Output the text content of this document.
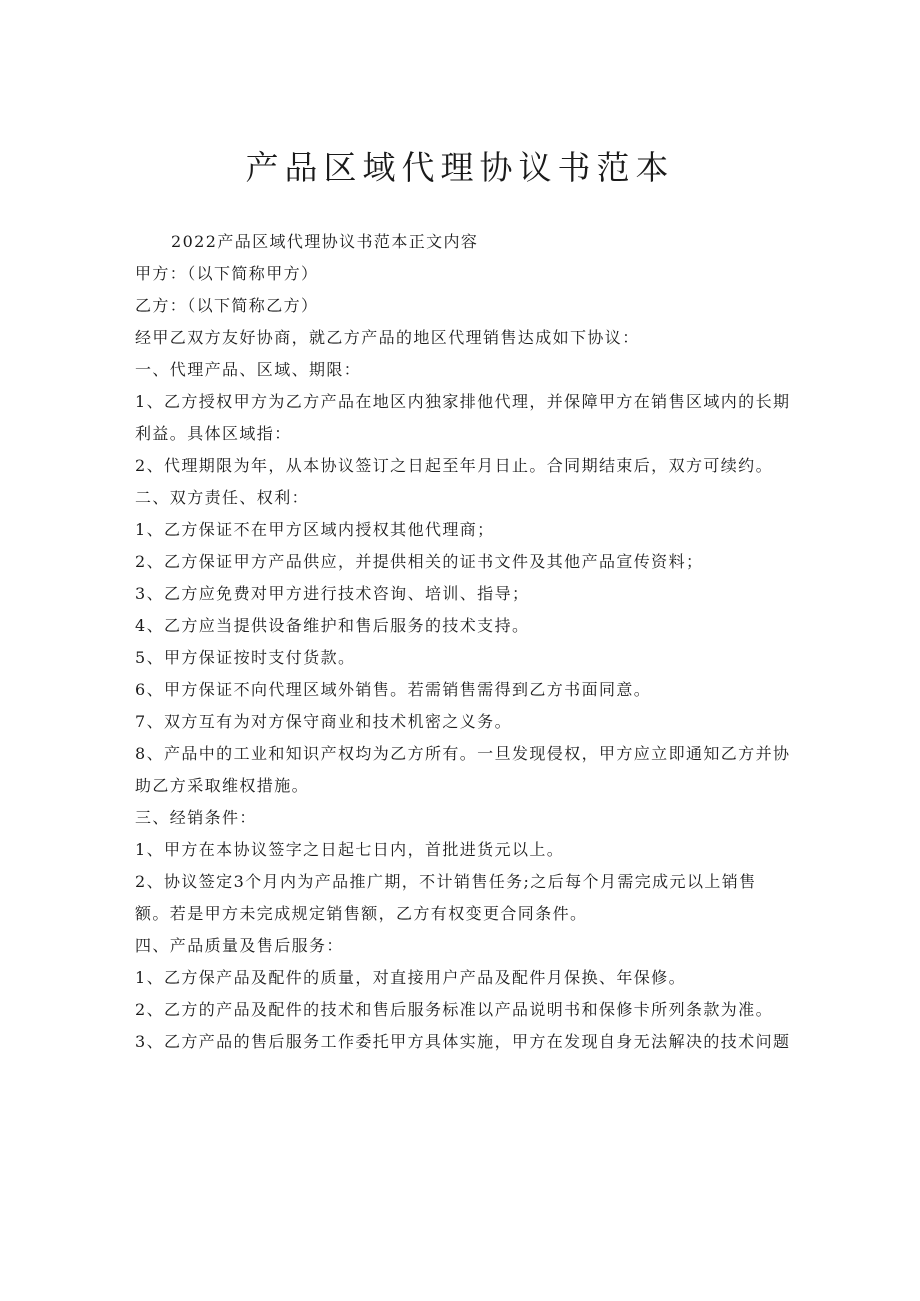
产品区域代理协议书范本

2022产品区域代理协议书范本正文内容

甲方：（以下简称甲方）

乙方：（以下简称乙方）

经甲乙双方友好协商，就乙方产品的地区代理销售达成如下协议：

一、代理产品、区域、期限：

1、乙方授权甲方为乙方产品在地区内独家排他代理，并保障甲方在销售区域内的长期

利益。具体区域指：

2、代理期限为年，从本协议签订之日起至年月日止。合同期结束后，双方可续约。

二、双方责任、权利：

1、乙方保证不在甲方区域内授权其他代理商；

2、乙方保证甲方产品供应，并提供相关的证书文件及其他产品宣传资料；

3、乙方应免费对甲方进行技术咨询、培训、指导；

4、乙方应当提供设备维护和售后服务的技术支持。

5、甲方保证按时支付货款。

6、甲方保证不向代理区域外销售。若需销售需得到乙方书面同意。

7、双方互有为对方保守商业和技术机密之义务。

8、产品中的工业和知识产权均为乙方所有。一旦发现侵权，甲方应立即通知乙方并协

助乙方采取维权措施。

三、经销条件：

1、甲方在本协议签字之日起七日内，首批进货元以上。

2、协议签定3个月内为产品推广期，不计销售任务;之后每个月需完成元以上销售

额。若是甲方未完成规定销售额，乙方有权变更合同条件。

四、产品质量及售后服务：

1、乙方保产品及配件的质量，对直接用户产品及配件月保换、年保修。

2、乙方的产品及配件的技术和售后服务标准以产品说明书和保修卡所列条款为准。

3、乙方产品的售后服务工作委托甲方具体实施，甲方在发现自身无法解决的技术问题
